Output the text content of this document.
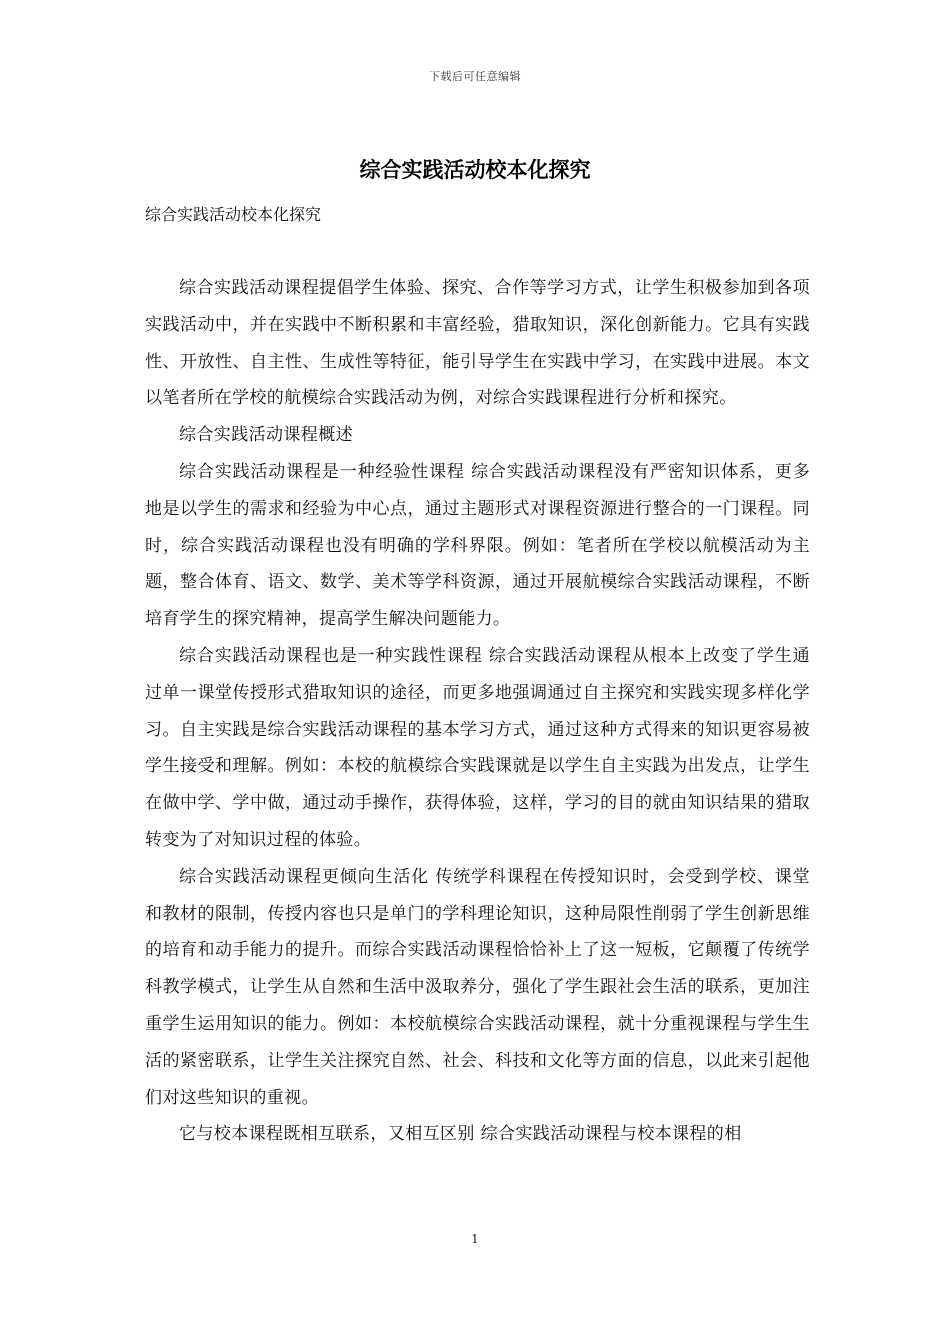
下载后可任意编辑
综合实践活动校本化探究
综合实践活动校本化探究

综合实践活动课程提倡学生体验、探究、合作等学习方式，让学生积极参加到各项实践活动中，并在实践中不断积累和丰富经验，猎取知识，深化创新能力。它具有实践性、开放性、自主性、生成性等特征，能引导学生在实践中学习，在实践中进展。本文以笔者所在学校的航模综合实践活动为例，对综合实践课程进行分析和探究。

综合实践活动课程概述

综合实践活动课程是一种经验性课程 综合实践活动课程没有严密知识体系，更多地是以学生的需求和经验为中心点，通过主题形式对课程资源进行整合的一门课程。同时，综合实践活动课程也没有明确的学科界限。例如：笔者所在学校以航模活动为主题，整合体育、语文、数学、美术等学科资源，通过开展航模综合实践活动课程，不断培育学生的探究精神，提高学生解决问题能力。

综合实践活动课程也是一种实践性课程 综合实践活动课程从根本上改变了学生通过单一课堂传授形式猎取知识的途径，而更多地强调通过自主探究和实践实现多样化学习。自主实践是综合实践活动课程的基本学习方式，通过这种方式得来的知识更容易被学生接受和理解。例如：本校的航模综合实践课就是以学生自主实践为出发点，让学生在做中学、学中做，通过动手操作，获得体验，这样，学习的目的就由知识结果的猎取转变为了对知识过程的体验。

综合实践活动课程更倾向生活化 传统学科课程在传授知识时，会受到学校、课堂和教材的限制，传授内容也只是单门的学科理论知识，这种局限性削弱了学生创新思维的培育和动手能力的提升。而综合实践活动课程恰恰补上了这一短板，它颠覆了传统学科教学模式，让学生从自然和生活中汲取养分，强化了学生跟社会生活的联系，更加注重学生运用知识的能力。例如：本校航模综合实践活动课程，就十分重视课程与学生生活的紧密联系，让学生关注探究自然、社会、科技和文化等方面的信息，以此来引起他们对这些知识的重视。

它与校本课程既相互联系，又相互区别 综合实践活动课程与校本课程的相

1
